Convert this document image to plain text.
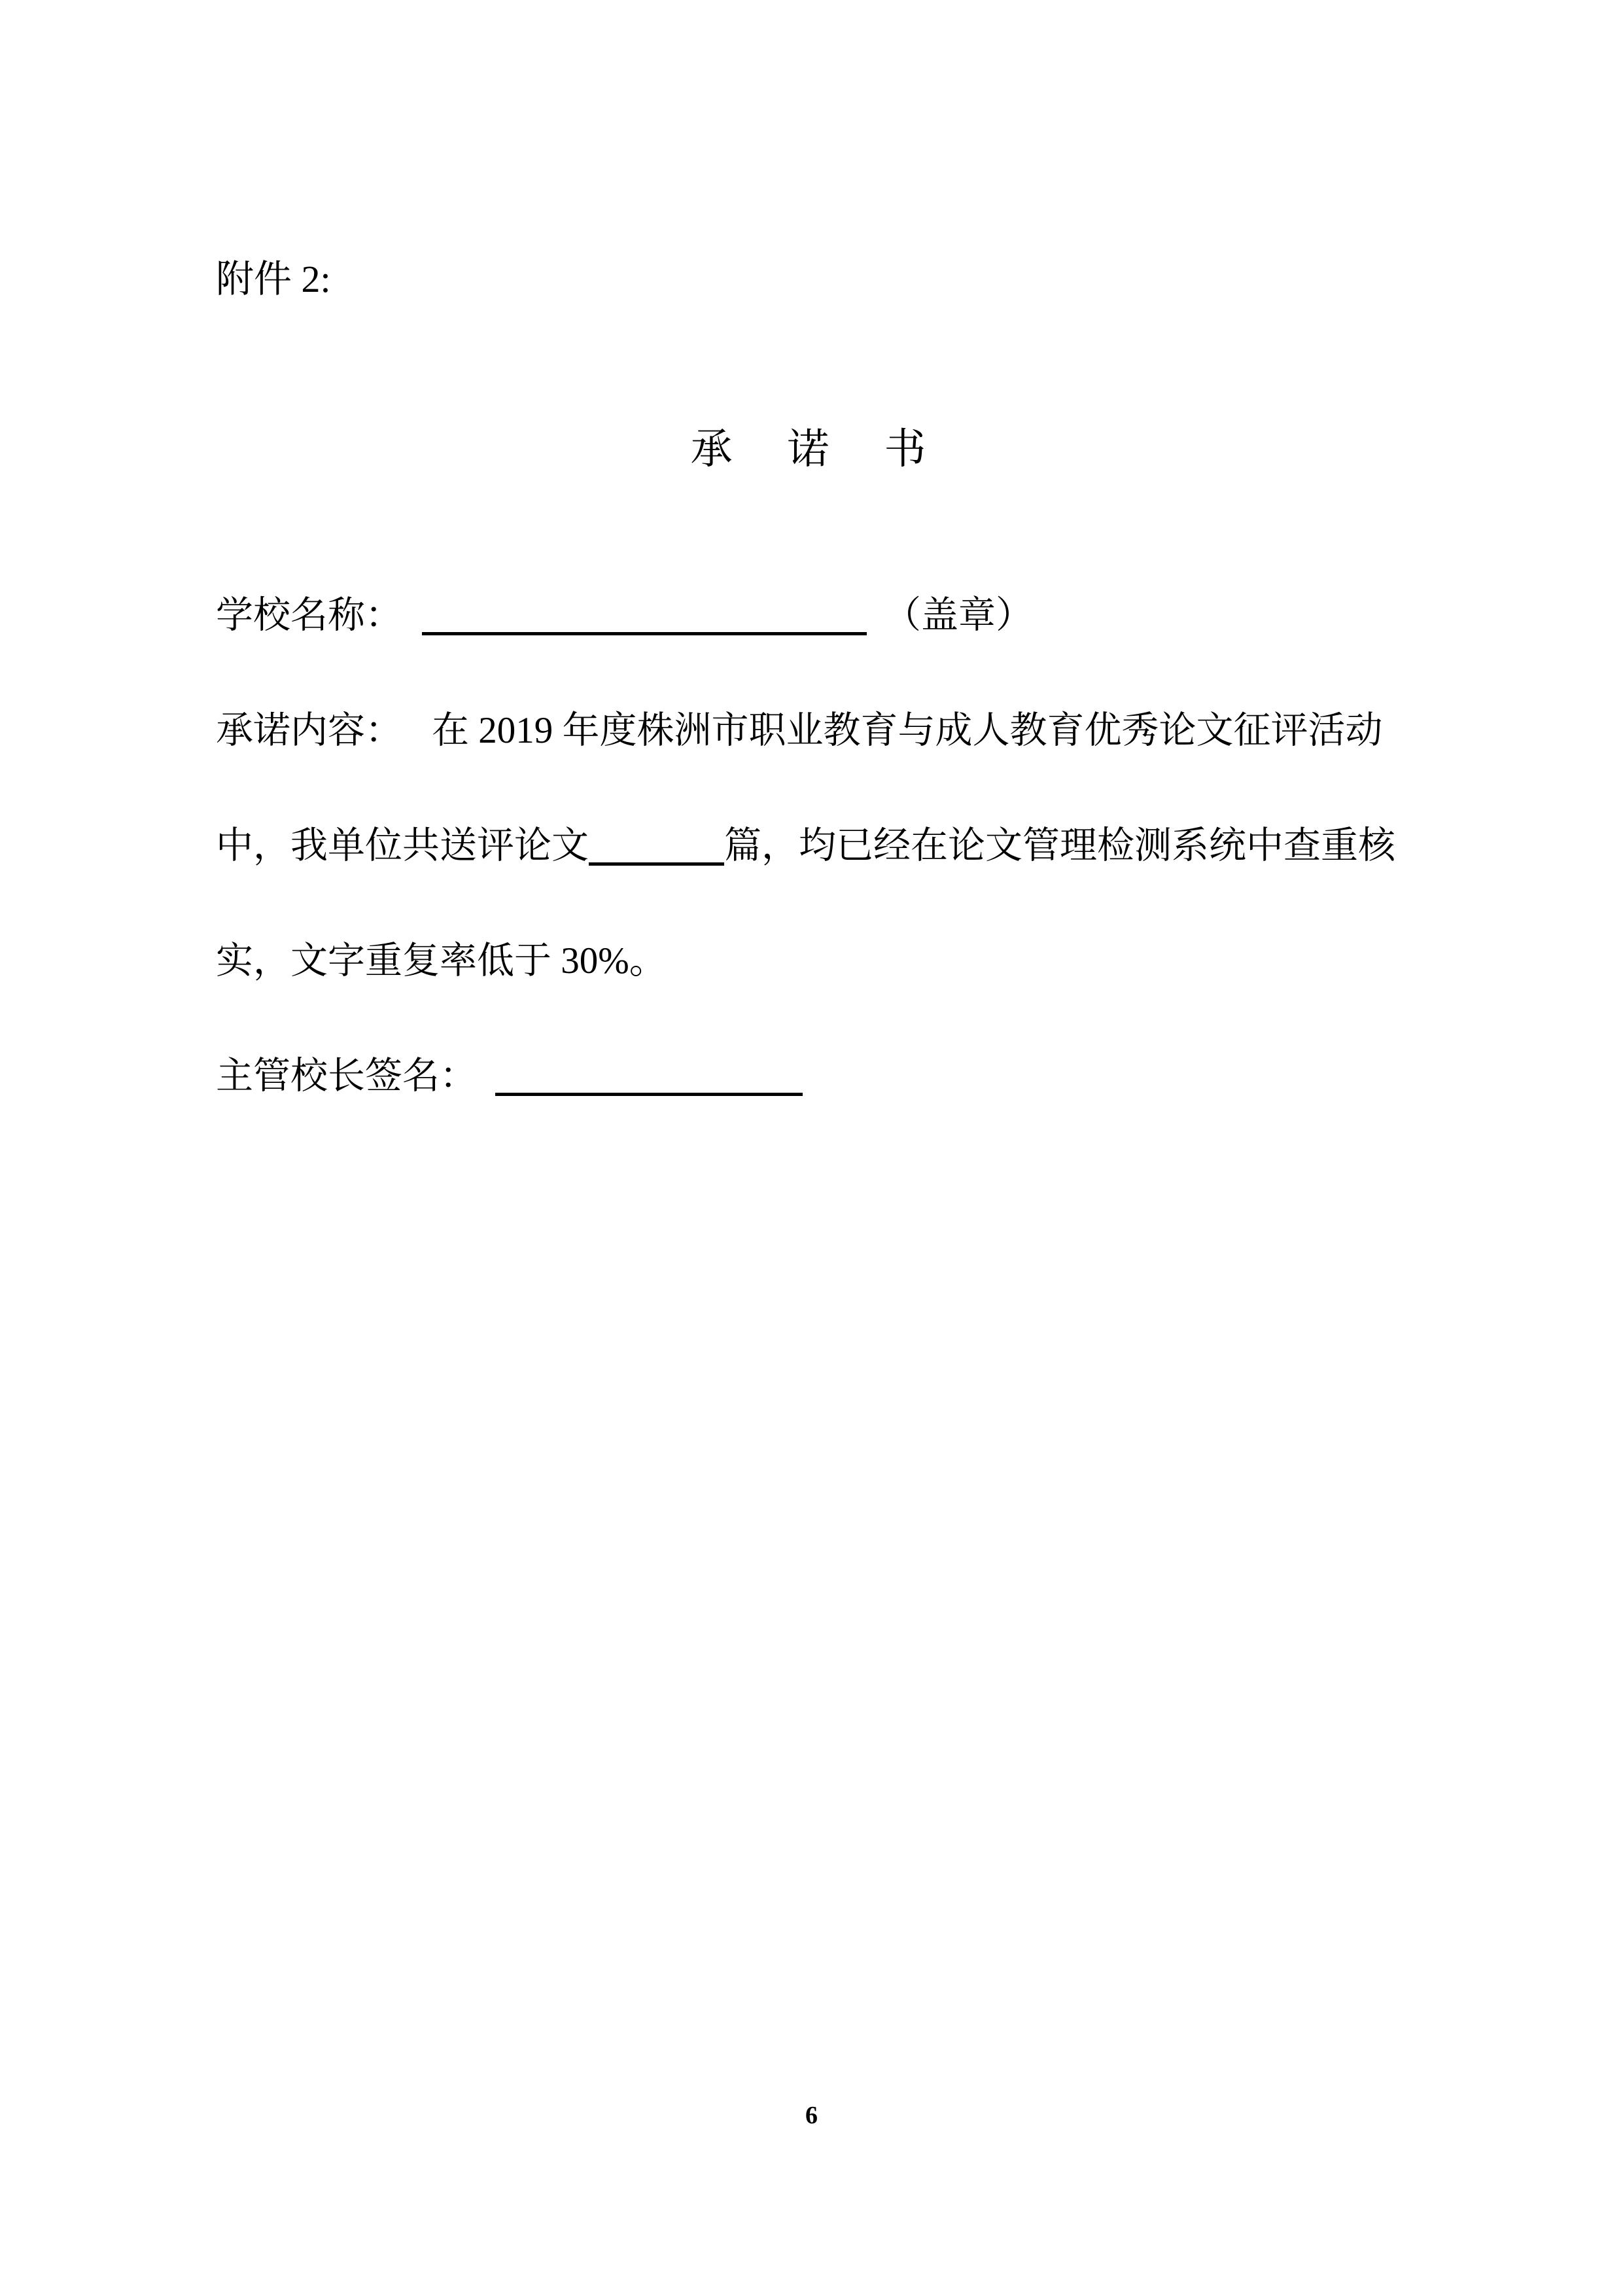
附件 2:
承　诺　书
学校名称：	（盖章）
承诺内容： 在 2019 年度株洲市职业教育与成人教育优秀论文征评活动
中，我单位共送评论文	篇，均已经在论文管理检测系统中查重核
实，文字重复率低于 30%。
主管校长签名：
6
